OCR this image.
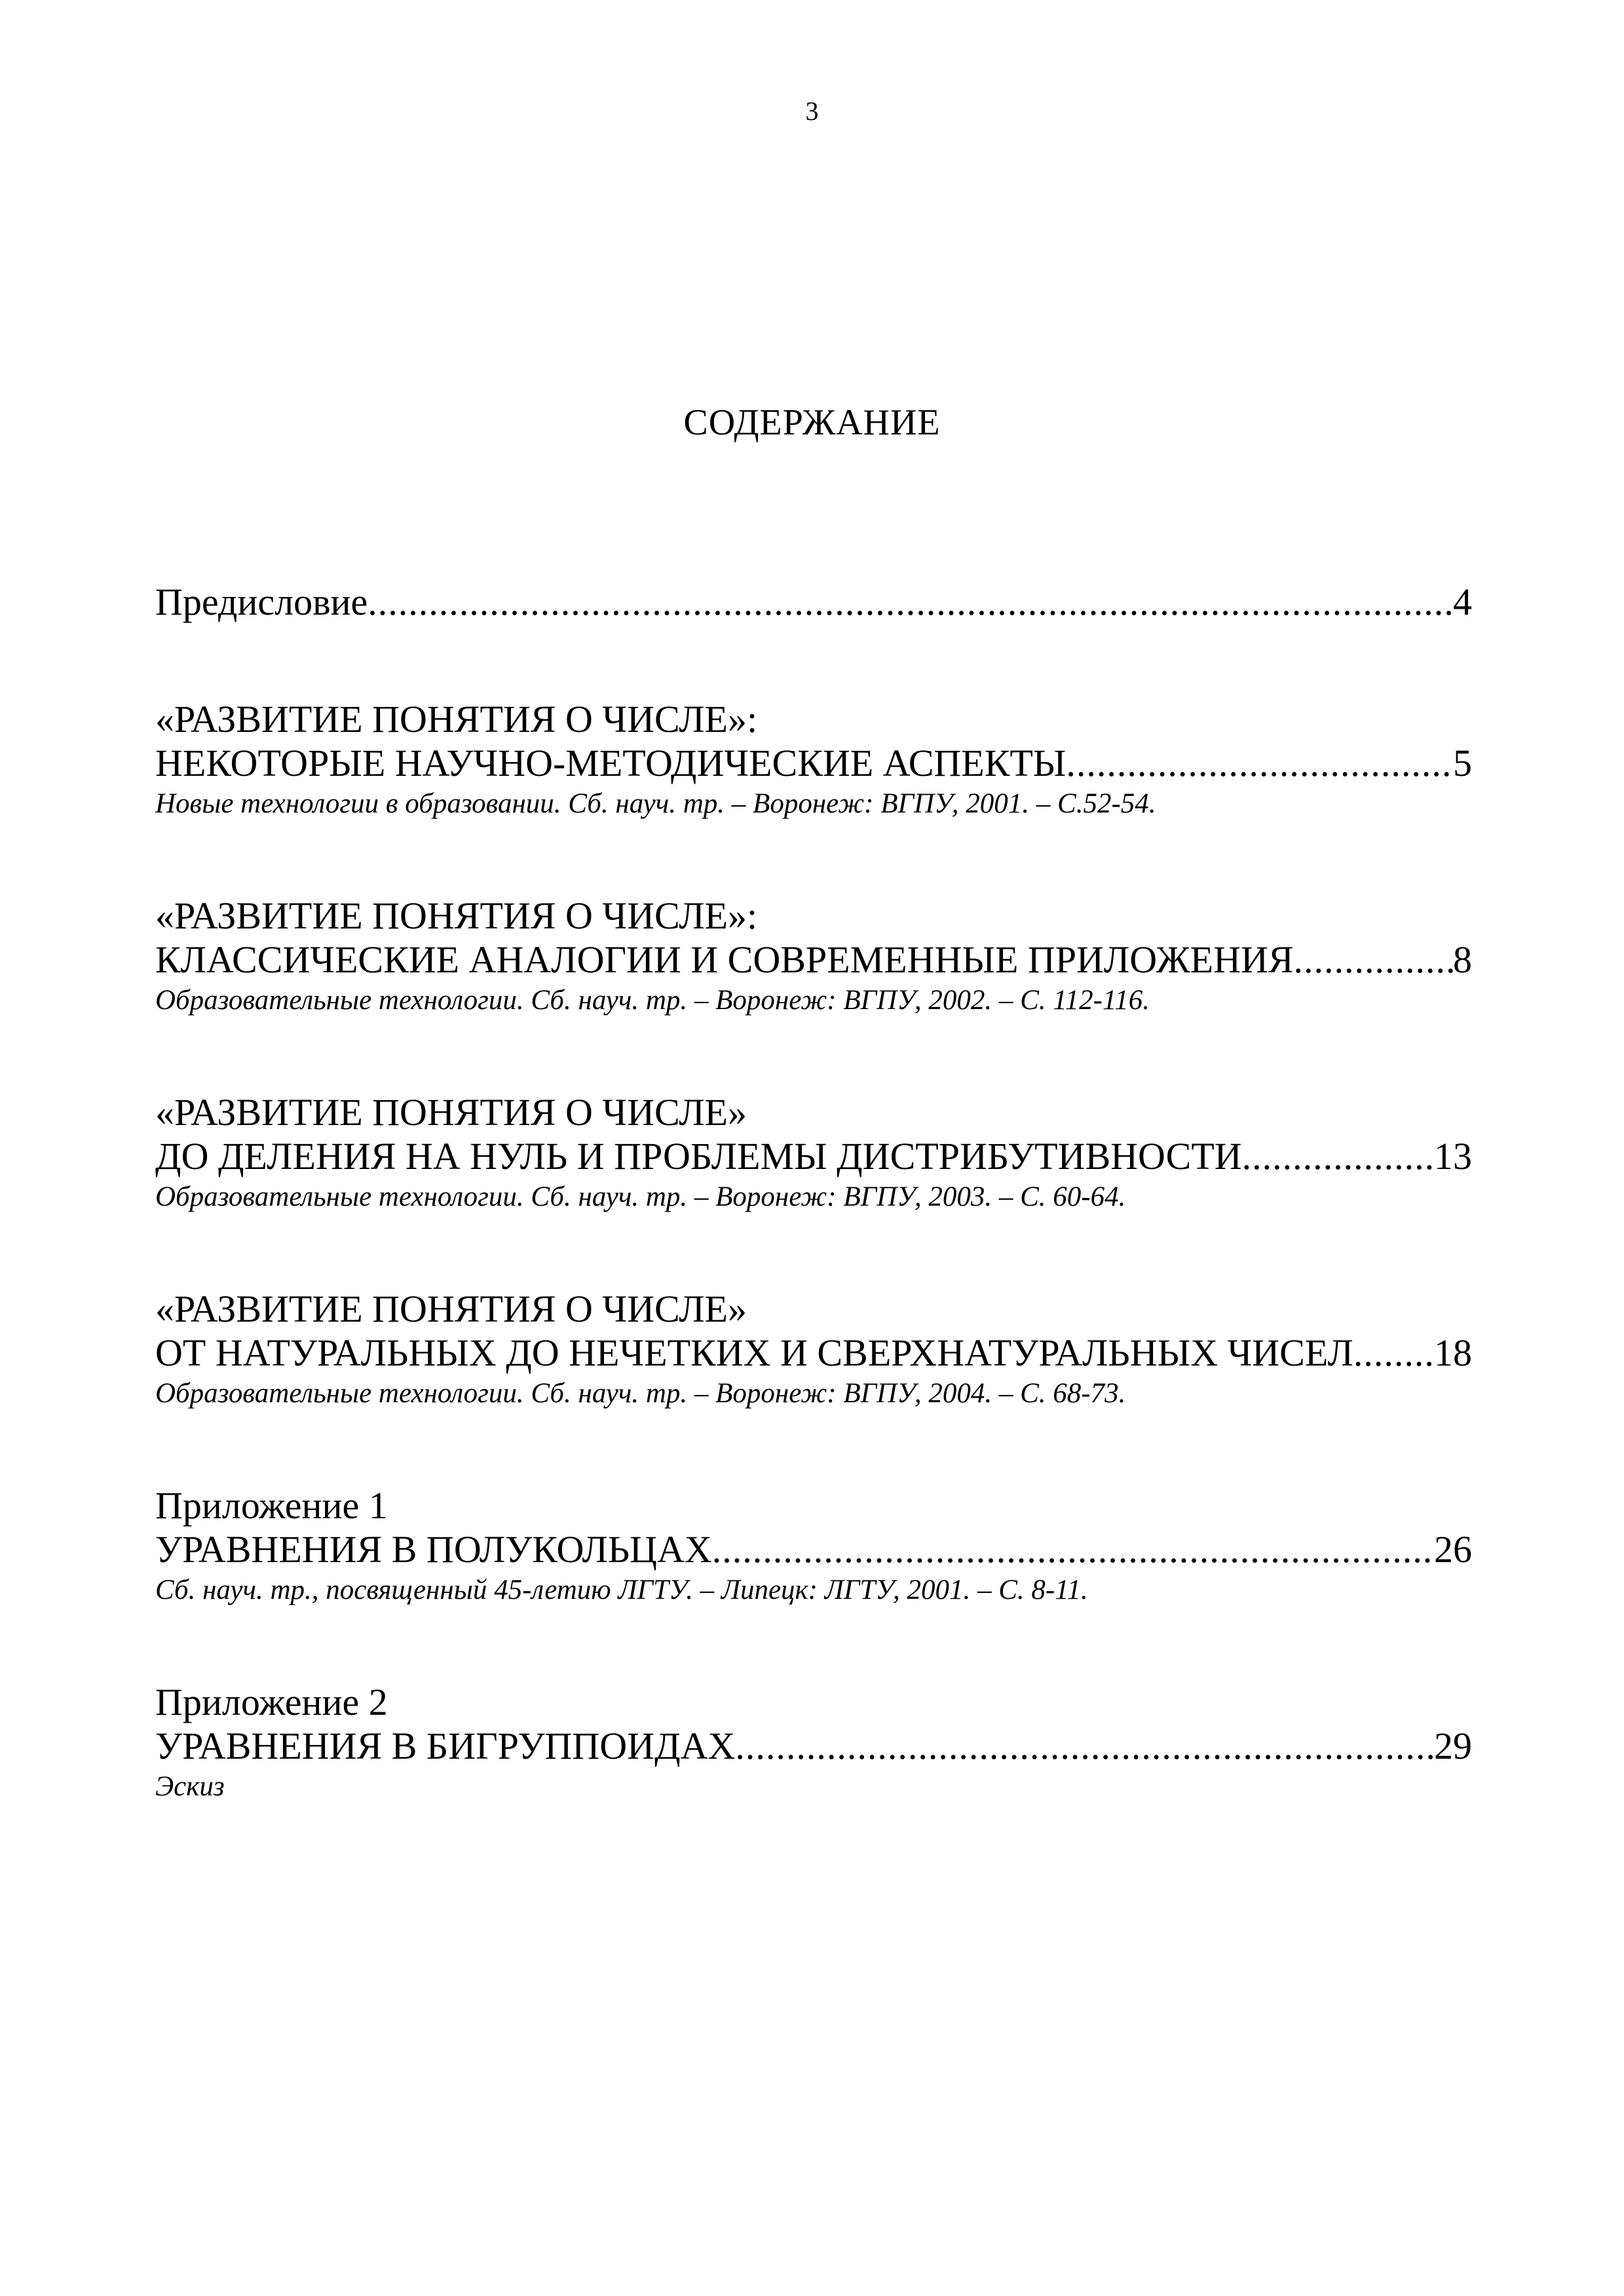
3
СОДЕРЖАНИЕ
Предисловие .....	4
«РАЗВИТИЕ ПОНЯТИЯ О ЧИСЛЕ»:
НЕКОТОРЫЕ НАУЧНО-МЕТОДИЧЕСКИЕ АСПЕКТЫ .....	5
Новые технологии в образовании. Сб. науч. тр. – Воронеж: ВГПУ, 2001. – С.52-54.
«РАЗВИТИЕ ПОНЯТИЯ О ЧИСЛЕ»:
КЛАССИЧЕСКИЕ АНАЛОГИИ И СОВРЕМЕННЫЕ ПРИЛОЖЕНИЯ .....	8
Образовательные технологии. Сб. науч. тр. – Воронеж: ВГПУ, 2002. – С. 112-116.
«РАЗВИТИЕ ПОНЯТИЯ О ЧИСЛЕ»
ДО ДЕЛЕНИЯ НА НУЛЬ И ПРОБЛЕМЫ ДИСТРИБУТИВНОСТИ .....	13
Образовательные технологии. Сб. науч. тр. – Воронеж: ВГПУ, 2003. – С. 60-64.
«РАЗВИТИЕ ПОНЯТИЯ О ЧИСЛЕ»
ОТ НАТУРАЛЬНЫХ ДО НЕЧЕТКИХ И СВЕРХНАТУРАЛЬНЫХ ЧИСЕЛ ..... 18
Образовательные технологии. Сб. науч. тр. – Воронеж: ВГПУ, 2004. – С. 68-73.
Приложение 1
УРАВНЕНИЯ В ПОЛУКОЛЬЦАХ .....	26
Сб. науч. тр., посвященный 45-летию ЛГТУ. – Липецк: ЛГТУ, 2001. – С. 8-11.
Приложение 2
УРАВНЕНИЯ В БИГРУППОИДАХ .....	29
Эскиз
